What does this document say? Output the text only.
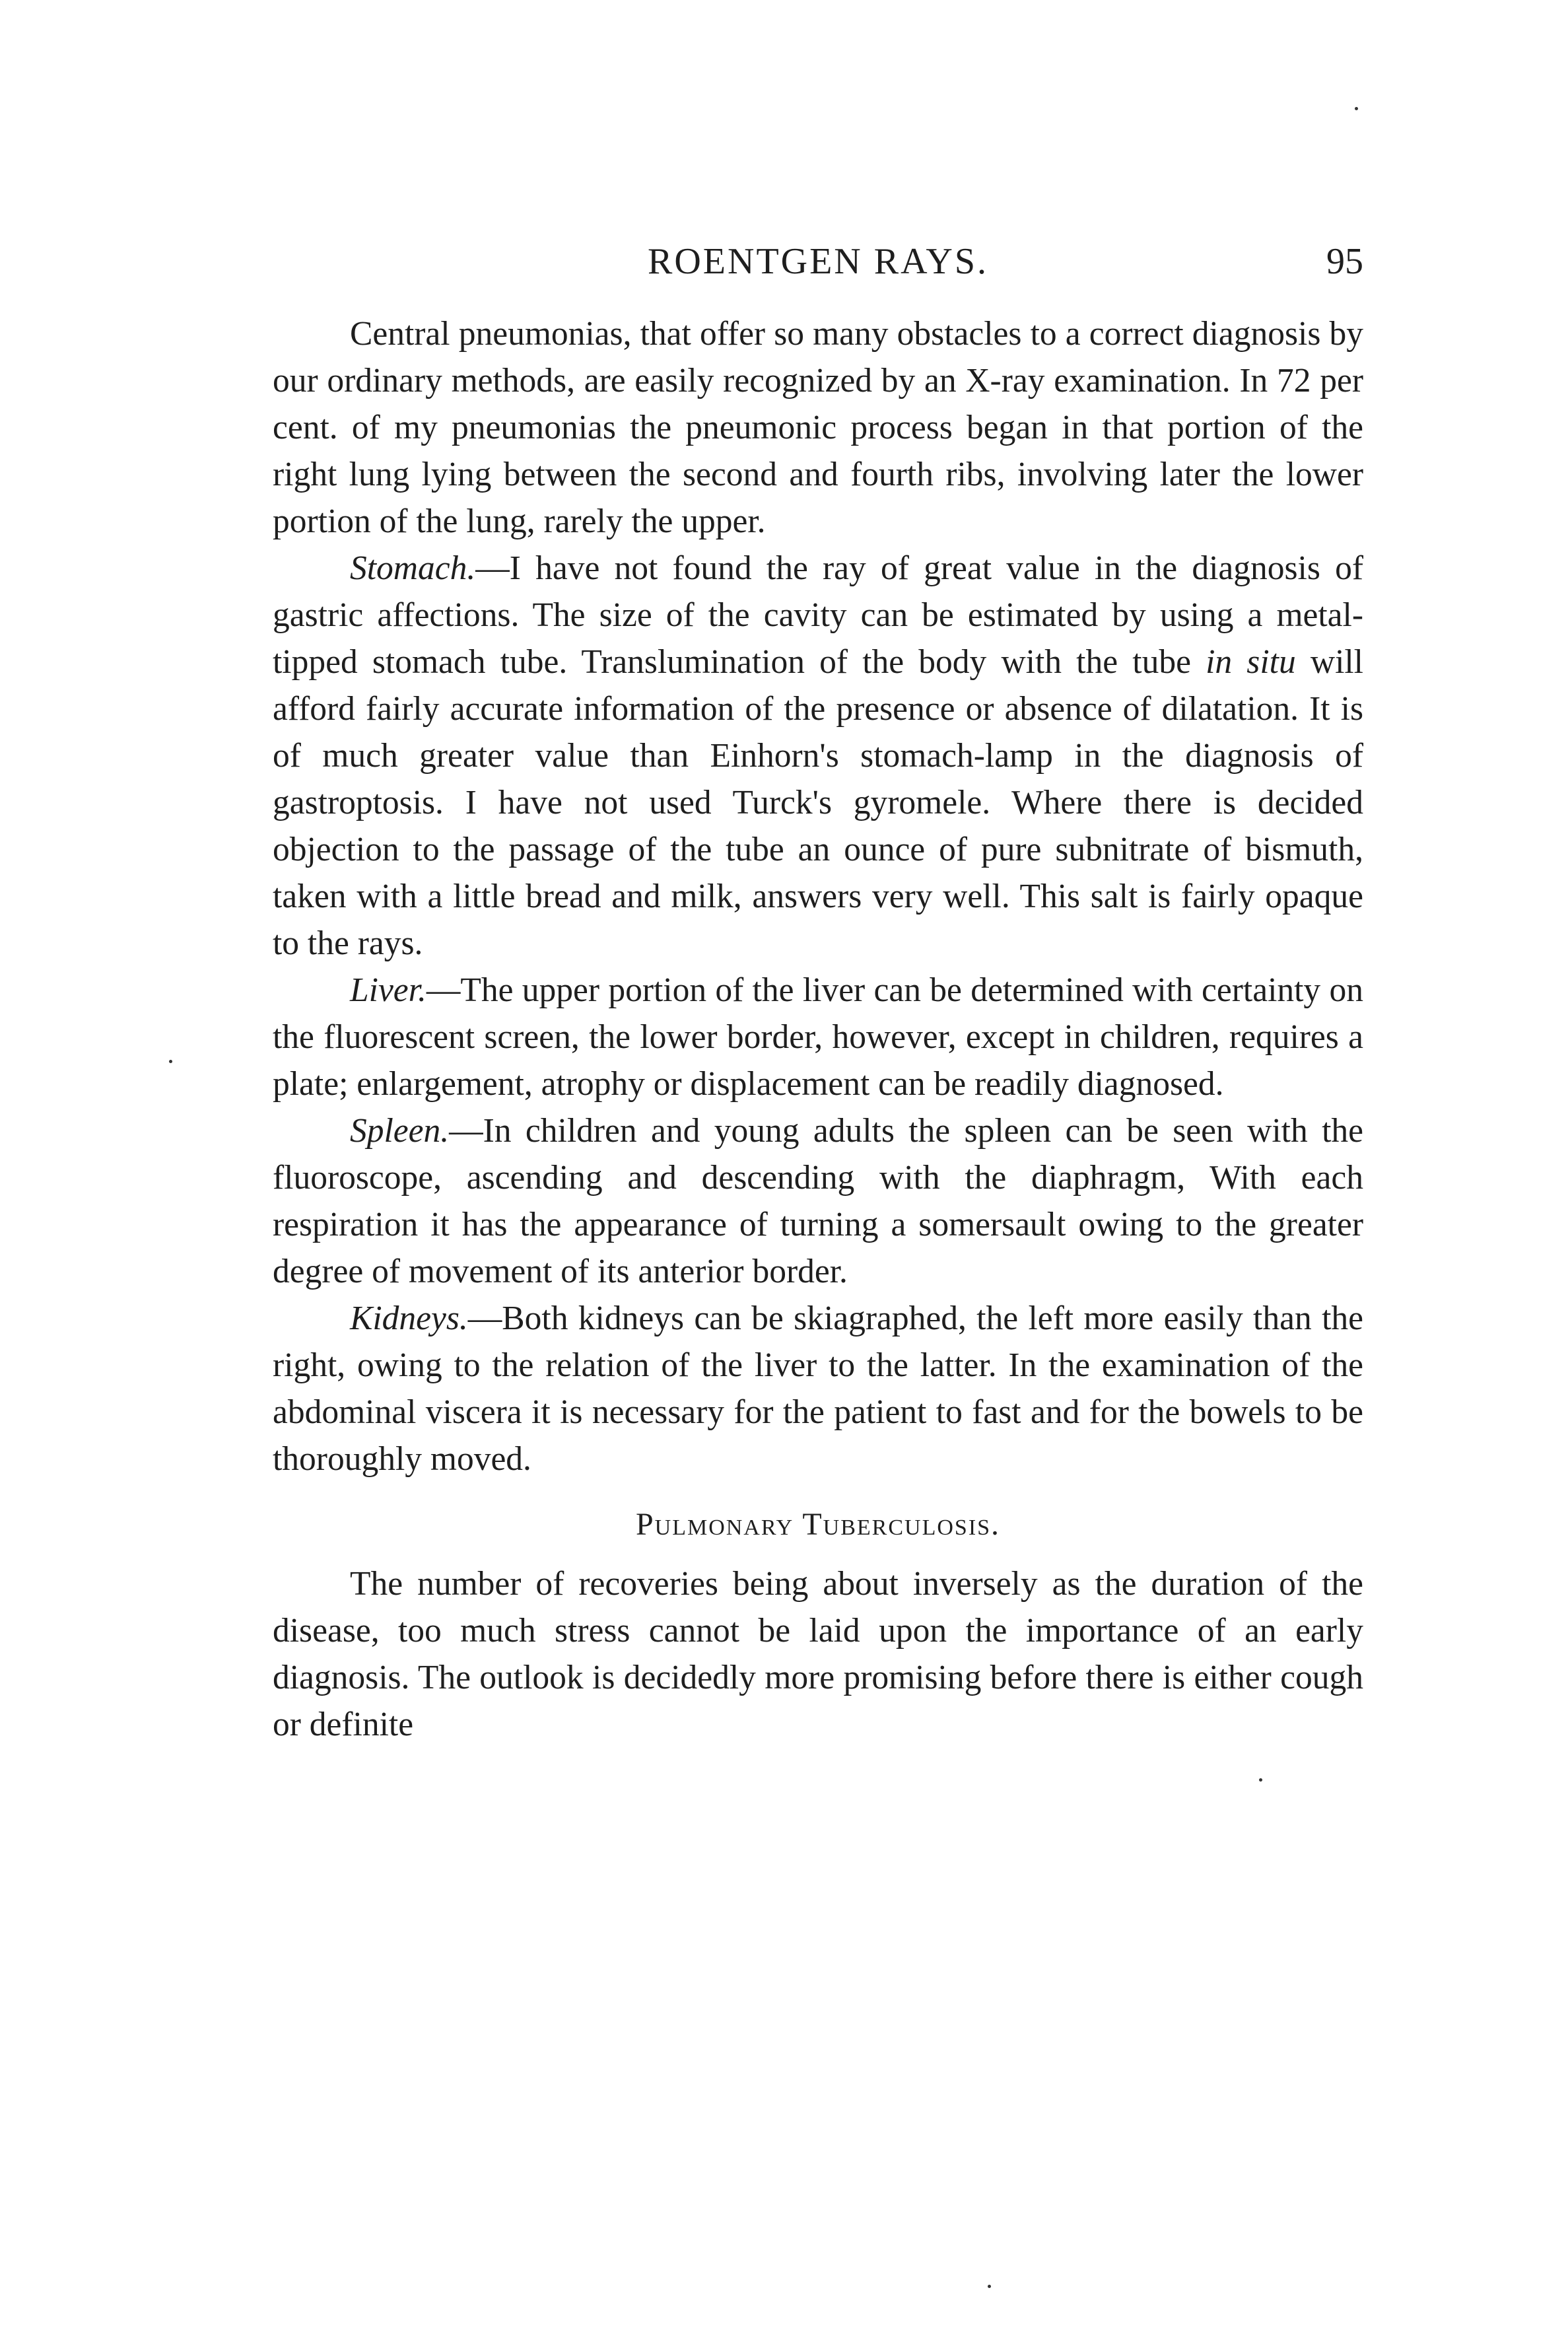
ROENTGEN RAYS.	95

Central pneumonias, that offer so many obstacles to a correct diagnosis by our ordinary methods, are easily recognized by an X-ray examination. In 72 per cent. of my pneumonias the pneumonic process began in that portion of the right lung lying between the second and fourth ribs, involving later the lower portion of the lung, rarely the upper.

Stomach.—I have not found the ray of great value in the diagnosis of gastric affections. The size of the cavity can be estimated by using a metal-tipped stomach tube. Translumination of the body with the tube in situ will afford fairly accurate information of the presence or absence of dilatation. It is of much greater value than Einhorn's stomach-lamp in the diagnosis of gastroptosis. I have not used Turck's gyromele. Where there is decided objection to the passage of the tube an ounce of pure subnitrate of bismuth, taken with a little bread and milk, answers very well. This salt is fairly opaque to the rays.

Liver.—The upper portion of the liver can be determined with certainty on the fluorescent screen, the lower border, however, except in children, requires a plate; enlargement, atrophy or displacement can be readily diagnosed.

Spleen.—In children and young adults the spleen can be seen with the fluoroscope, ascending and descending with the diaphragm, With each respiration it has the appearance of turning a somersault owing to the greater degree of movement of its anterior border.

Kidneys.—Both kidneys can be skiagraphed, the left more easily than the right, owing to the relation of the liver to the latter. In the examination of the abdominal viscera it is necessary for the patient to fast and for the bowels to be thoroughly moved.

Pulmonary Tuberculosis.

The number of recoveries being about inversely as the duration of the disease, too much stress cannot be laid upon the importance of an early diagnosis. The outlook is decidedly more promising before there is either cough or definite
